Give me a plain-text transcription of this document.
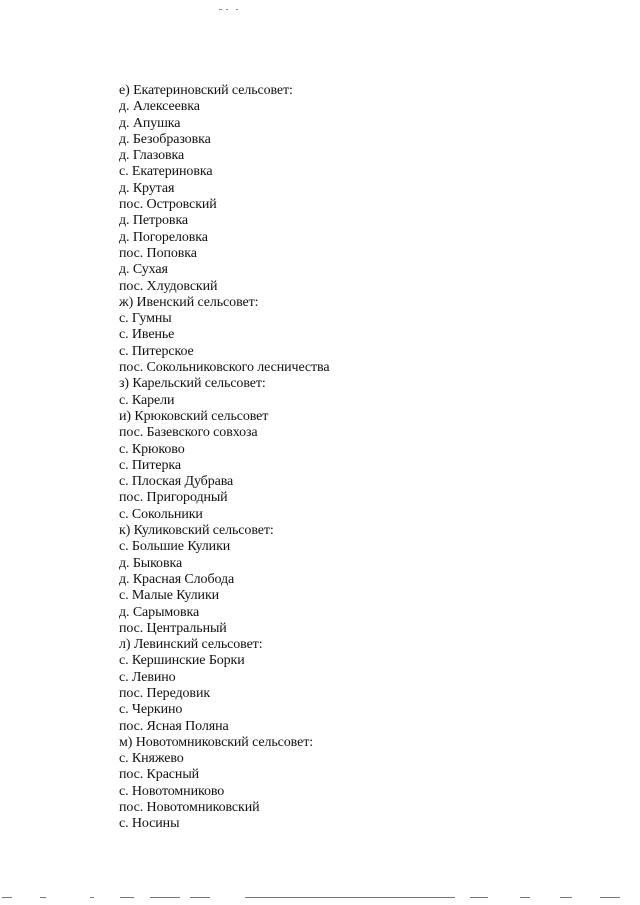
е) Екатериновский сельсовет:
д. Алексеевка
д. Апушка
д. Безобразовка
д. Глазовка
с. Екатериновка
д. Крутая
пос. Островский
д. Петровка
д. Погореловка
пос. Поповка
д. Сухая
пос. Хлудовский
ж) Ивенский сельсовет:
с. Гумны
с. Ивенье
с. Питерское
пос. Сокольниковского лесничества
з) Карельский сельсовет:
с. Карели
и) Крюковский сельсовет
пос. Базевского совхоза
с. Крюково
с. Питерка
с. Плоская Дубрава
пос. Пригородный
с. Сокольники
к) Куликовский сельсовет:
с. Большие Кулики
д. Быковка
д. Красная Слобода
с. Малые Кулики
д. Сарымовка
пос. Центральный
л) Левинский сельсовет:
с. Кершинские Борки
с. Левино
пос. Передовик
с. Черкино
пос. Ясная Поляна
м) Новотомниковский сельсовет:
с. Княжево
пос. Красный
с. Новотомниково
пос. Новотомниковский
с. Носины
